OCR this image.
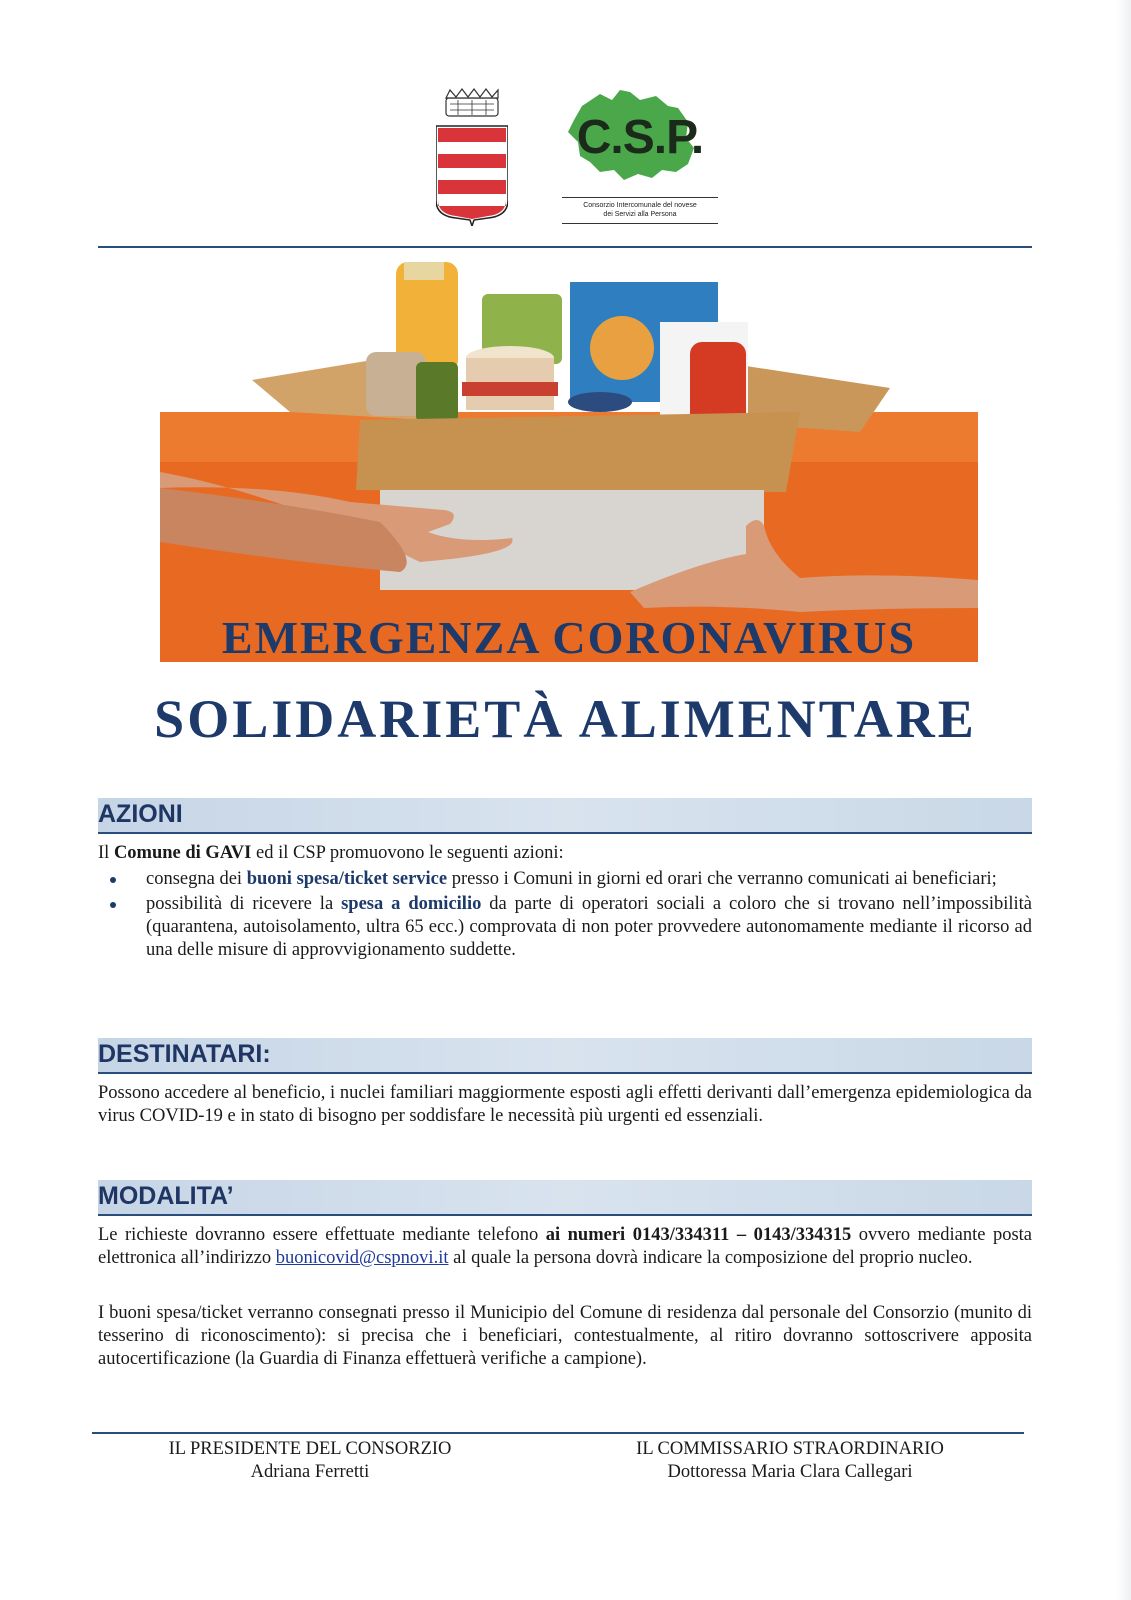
C.S.P.
Consorzio Intercomunale del novese
dei Servizi alla Persona
EMERGENZA CORONAVIRUS
SOLIDARIETÀ ALIMENTARE
AZIONI
Il Comune di GAVI ed il CSP promuovono le seguenti azioni:
consegna dei buoni spesa/ticket service presso i Comuni in giorni ed orari che verranno comunicati ai beneficiari;
possibilità di ricevere la spesa a domicilio da parte di operatori sociali a coloro che si trovano nell’impossibilità (quarantena, autoisolamento, ultra 65 ecc.) comprovata di non poter provvedere autonomamente mediante il ricorso ad una delle misure di approvvigionamento suddette.
DESTINATARI:
Possono accedere al beneficio, i nuclei familiari maggiormente esposti agli effetti derivanti dall’emergenza epidemiologica da virus COVID-19 e in stato di bisogno per soddisfare le necessità più urgenti ed essenziali.
MODALITA’
Le richieste dovranno essere effettuate mediante telefono ai numeri 0143/334311 – 0143/334315 ovvero mediante posta elettronica all’indirizzo buonicovid@cspnovi.it al quale la persona dovrà indicare la composizione del proprio nucleo.
I buoni spesa/ticket verranno consegnati presso il Municipio del Comune di residenza dal personale del Consorzio (munito di tesserino di riconoscimento): si precisa che i beneficiari, contestualmente, al ritiro dovranno sottoscrivere apposita autocertificazione (la Guardia di Finanza effettuerà verifiche a campione).
IL PRESIDENTE DEL CONSORZIO
Adriana Ferretti
IL COMMISSARIO STRAORDINARIO
Dottoressa Maria Clara Callegari
